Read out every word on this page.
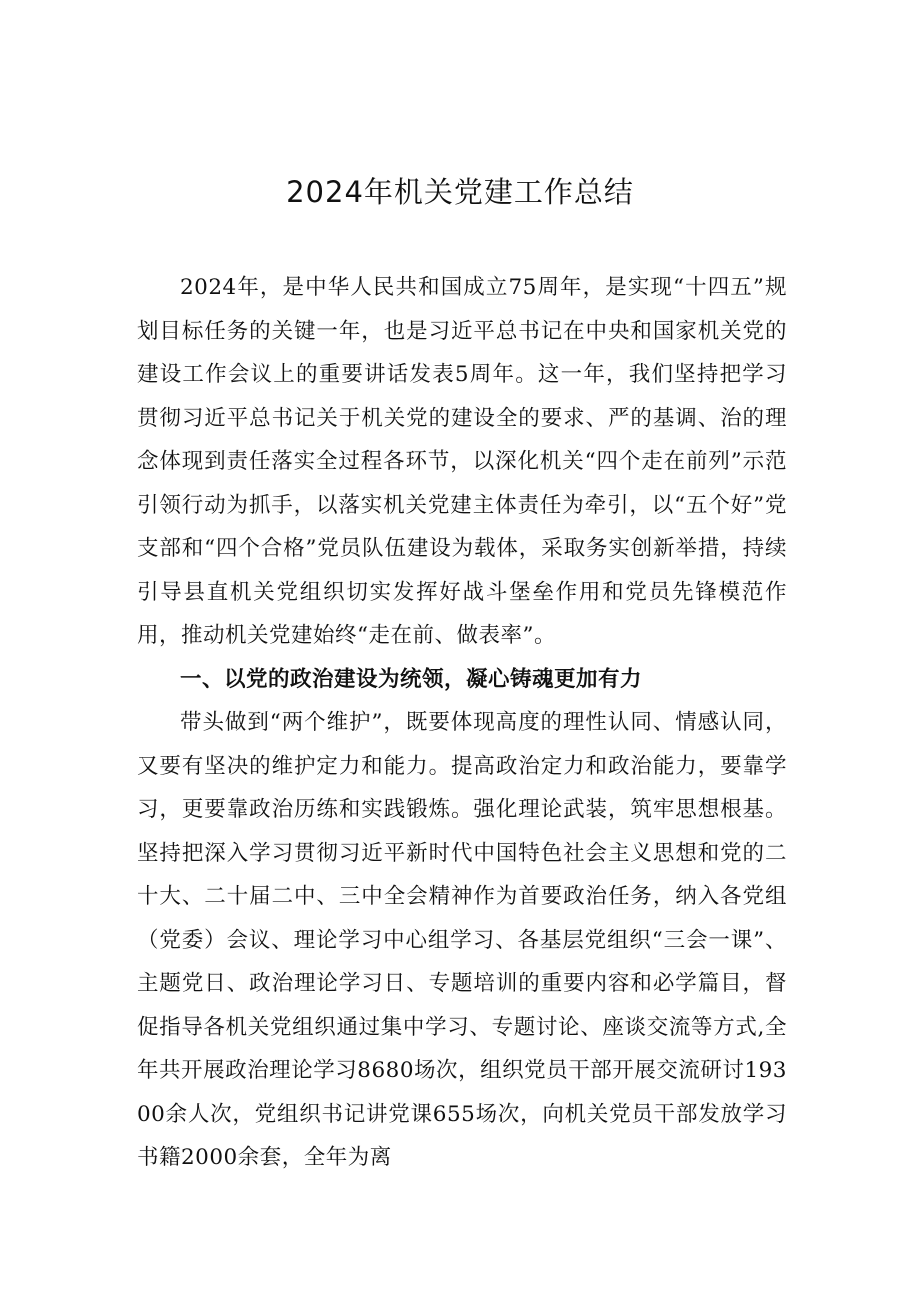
2024年机关党建工作总结

2024年，是中华人民共和国成立75周年，是实现“十四五”规划目标任务的关键一年，也是习近平总书记在中央和国家机关党的建设工作会议上的重要讲话发表5周年。这一年，我们坚持把学习贯彻习近平总书记关于机关党的建设全的要求、严的基调、治的理念体现到责任落实全过程各环节，以深化机关“四个走在前列”示范引领行动为抓手，以落实机关党建主体责任为牵引，以“五个好”党支部和“四个合格”党员队伍建设为载体，采取务实创新举措，持续引导县直机关党组织切实发挥好战斗堡垒作用和党员先锋模范作用，推动机关党建始终“走在前、做表率”。

一、以党的政治建设为统领，凝心铸魂更加有力

带头做到“两个维护”，既要体现高度的理性认同、情感认同，又要有坚决的维护定力和能力。提高政治定力和政治能力，要靠学习，更要靠政治历练和实践锻炼。强化理论武装，筑牢思想根基。坚持把深入学习贯彻习近平新时代中国特色社会主义思想和党的二十大、二十届二中、三中全会精神作为首要政治任务，纳入各党组（党委）会议、理论学习中心组学习、各基层党组织“三会一课”、主题党日、政治理论学习日、专题培训的重要内容和必学篇目，督促指导各机关党组织通过集中学习、专题讨论、座谈交流等方式,全年共开展政治理论学习8680场次，组织党员干部开展交流研讨19300余人次，党组织书记讲党课655场次，向机关党员干部发放学习书籍2000余套，全年为离
